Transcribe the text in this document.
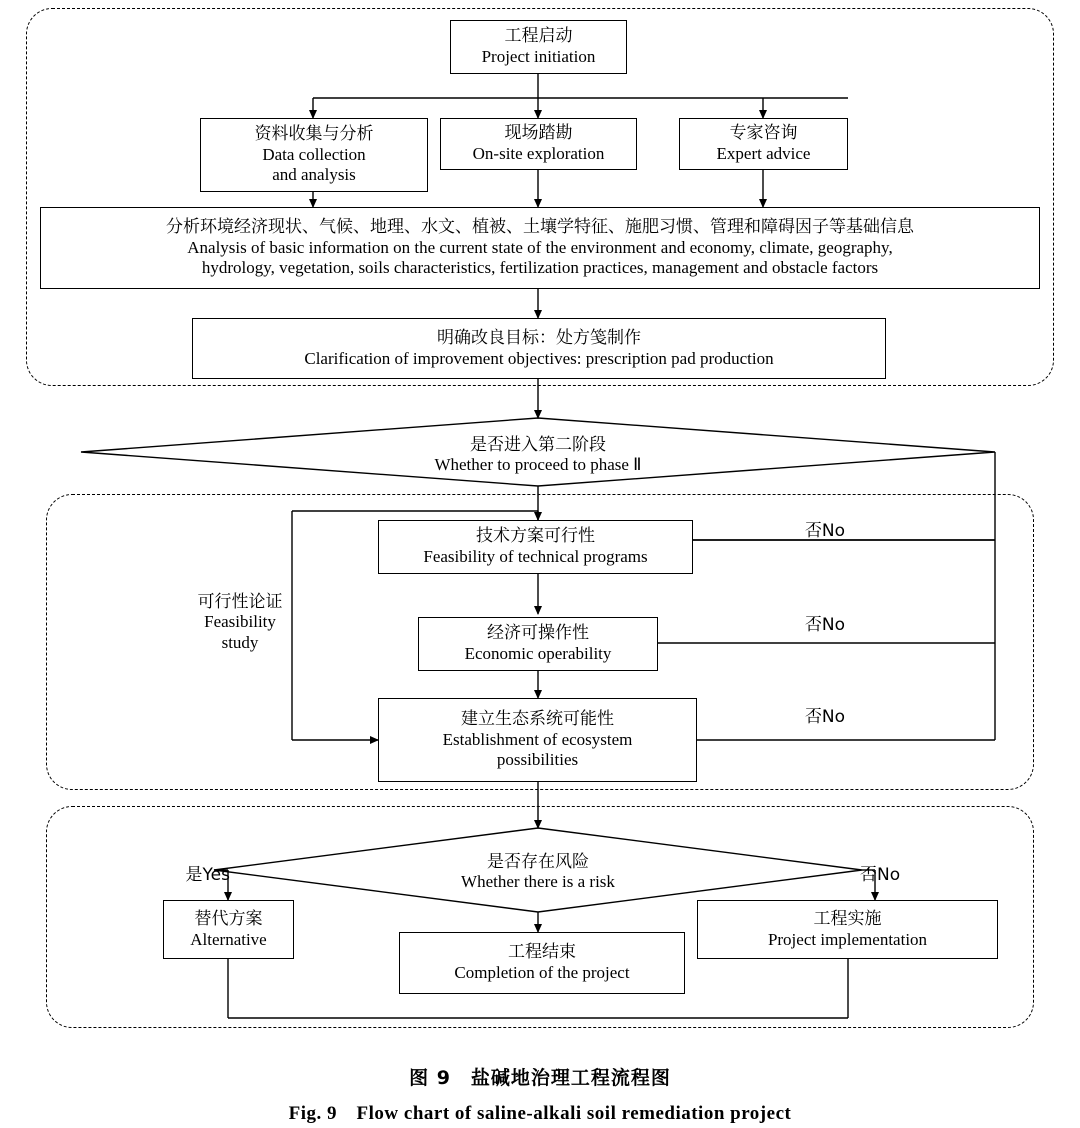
工程启动
Project initiation
资料收集与分析
Data collection
and analysis
现场踏勘
On-site exploration
专家咨询
Expert advice
分析环境经济现状、气候、地理、水文、植被、土壤学特征、施肥习惯、管理和障碍因子等基础信息
Analysis of basic information on the current state of the environment and economy, climate, geography,
hydrology, vegetation, soils characteristics, fertilization practices, management and obstacle factors
明确改良目标：处方笺制作
Clarification of improvement objectives: prescription pad production
是否进入第二阶段
Whether to proceed to phase Ⅱ
技术方案可行性
Feasibility of technical programs
经济可操作性
Economic operability
建立生态系统可能性
Establishment of ecosystem
possibilities
是否存在风险
Whether there is a risk
替代方案
Alternative
工程结束
Completion of the project
工程实施
Project implementation
可行性论证
Feasibility
study
否No
否No
否No
是Yes	否No
图 9　盐碱地治理工程流程图
Fig. 9　Flow chart of saline-alkali soil remediation project
